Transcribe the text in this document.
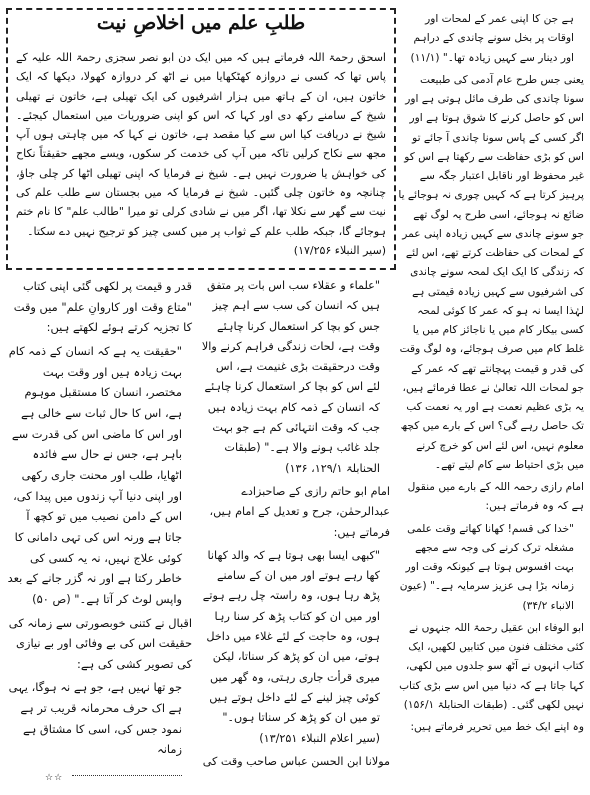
طلبِ علم میں اخلاصِ نیت

اسحق رحمۃ اللہ فرماتے ہیں کہ میں ایک دن ابو نصر سجزی رحمۃ اللہ علیہ کے پاس تھا کہ کسی نے دروازہ کھٹکھایا میں نے اٹھ کر دروازہ کھولا، دیکھا کہ ایک خاتون ہیں، ان کے ہاتھ میں ہزار اشرفیوں کی ایک تھیلی ہے، خاتون نے تھیلی شیخ کے سامنے رکھ دی اور کہا کہ اس کو اپنی ضروریات میں استعمال کیجئے۔ شیخ نے دریافت کیا اس سے کیا مقصد ہے، خاتون نے کہا کہ میں چاہتی ہوں آپ مجھ سے نکاح کرلیں تاکہ میں آپ کی خدمت کر سکوں، ویسے مجھے حقیقتاً نکاح کی خواہش یا ضرورت نہیں ہے۔ شیخ نے فرمایا کہ اپنی تھیلی اٹھا کر چلی جاؤ، چنانچہ وہ خاتون چلی گئیں۔ شیخ نے فرمایا کہ میں بجستان سے طلب علم کی نیت سے گھر سے نکلا تھا، اگر میں نے شادی کرلی تو میرا "طالب علم" کا نام ختم ہوجائے گا، جبکہ طلب علم کے ثواب پر میں کسی چیز کو ترجیح نہیں دے سکتا۔

(سیر النبلاء ۱۷/۲۵۶)

ہے جن کا اپنی عمر کے لمحات اور اوقات پر بخل سونے چاندی کے دراہم اور دینار سے کہیں زیادہ تھا۔" (۱۱/۱)

یعنی جس طرح عام آدمی کی طبیعت سونا چاندی کی طرف مائل ہوتی ہے اور اس کو حاصل کرنے کا شوق ہوتا ہے اور اگر کسی کے پاس سونا چاندی آ جائے تو اس کو بڑی حفاظت سے رکھتا ہے اس کو غیر محفوظ اور ناقابل اعتبار جگہ سے پرہیز کرتا ہے کہ کہیں چوری نہ ہوجائے یا ضائع نہ ہوجائے، اسی طرح یہ لوگ تھے جو سونے چاندی سے کہیں زیادہ اپنی عمر کے لمحات کی حفاظت کرتے تھے، اس لئے کہ زندگی کا ایک ایک لمحہ سونے چاندی کی اشرفیوں سے کہیں زیادہ قیمتی ہے لہٰذا ایسا نہ ہو کہ عمر کا کوئی لمحہ کسی بیکار کام میں یا ناجائز کام میں یا غلط کام میں صرف ہوجائے، وہ لوگ وقت کی قدر و قیمت پہچانتے تھے کہ عمر کے جو لمحات اللہ تعالیٰ نے عطا فرمائے ہیں، یہ بڑی عظیم نعمت ہے اور یہ نعمت کب تک حاصل رہے گی؟ اس کے بارے میں کچھ معلوم نہیں، اس لئے اس کو خرچ کرنے میں بڑی احتیاط سے کام لیتے تھے۔

امام رازی رحمہ اللہ کے بارے میں منقول ہے کہ وہ فرماتے ہیں:

"خدا کی قسم! کھانا کھاتے وقت علمی مشغلہ ترک کرنے کی وجہ سے مجھے بہت افسوس ہوتا ہے کیونکہ وقت اور زمانہ بڑا ہی عزیز سرمایہ ہے۔" (عیون الانباء ۳۴/۲)

ابو الوفاء ابن عقیل رحمۃ اللہ جنہوں نے کئی مختلف فنون میں کتابیں لکھیں، ایک کتاب انہوں نے آٹھ سو جلدوں میں لکھی، کہا جاتا ہے کہ دنیا میں اس سے بڑی کتاب نہیں لکھی گئی۔ (طبقات الحنابلۃ ۱۵۶/۱)

وہ اپنے ایک خط میں تحریر فرماتے ہیں:

"علماء و عقلاء سب اس بات پر متفق ہیں کہ انسان کی سب سے اہم چیز جس کو بچا کر استعمال کرنا چاہئے وقت ہے، لحات زندگی فراہم کرنے والا وقت درحقیقت بڑی غنیمت ہے، اس لئے اس کو بچا کر استعمال کرنا چاہئے کہ انسان کے ذمہ کام بہت زیادہ ہیں جب کہ وقت انتہائی کم ہے جو بہت جلد غائب ہونے والا ہے۔" (طبقات الحنابلۃ ۱۲۹/۱، ۱۳۶)

امام ابو حاتم رازی کے صاحبزادے عبدالرحمٰن، جرح و تعدیل کے امام ہیں، فرماتے ہیں:

"کبھی ایسا بھی ہوتا ہے کہ والد کھانا کھا رہے ہوتے اور میں ان کے سامنے پڑھ رہا ہوں، وہ راستہ چل رہے ہوتے اور میں ان کو کتاب پڑھ کر سنا رہا ہوں، وہ حاجت کے لئے غلاء میں داخل ہوتے، میں ان کو پڑھ کر سناتا، لیکن میری قرأت جاری رہتی، وہ گھر میں کوئی چیز لینے کے لئے داخل ہوتے ہیں تو میں ان کو پڑھ کر سناتا ہوں۔" (سیر اعلام النبلاء ۱۳/۲۵۱)

مولانا ابن الحسن عباس صاحب وقت کی

قدر و قیمت پر لکھی گئی اپنی کتاب "متاع وقت اور کاروانِ علم" میں وقت کا تجزیہ کرتے ہوئے لکھتے ہیں:

"حقیقت یہ ہے کہ انسان کے ذمہ کام بہت زیادہ ہیں اور وقت بہت مختصر، انسان کا مستقبل موہوم ہے، اس کا حال ثبات سے خالی ہے اور اس کا ماضی اس کی قدرت سے باہر ہے، جس نے حال سے فائدہ اٹھایا، طلب اور محنت جاری رکھی اور اپنی دنیا آپ زندوں میں پیدا کی، اس کے دامن نصیب میں تو کچھ آ جاتا ہے ورنہ اس کی تہی دامانی کا کوئی علاج نہیں، نہ یہ کسی کی خاطر رکتا ہے اور نہ گزر جانے کے بعد واپس لوٹ کر آتا ہے۔" (ص ۵۰)

اقبال نے کتنی خوبصورتی سے زمانہ کی حقیقت اس کی بے وفائی اور بے نیازی کی تصویر کشی کی ہے:

جو تھا نہیں ہے، جو ہے نہ ہوگا، یہی ہے اک حرف محرمانہ قریب تر ہے نمود جس کی، اسی کا مشتاق ہے زمانہ

☆☆
